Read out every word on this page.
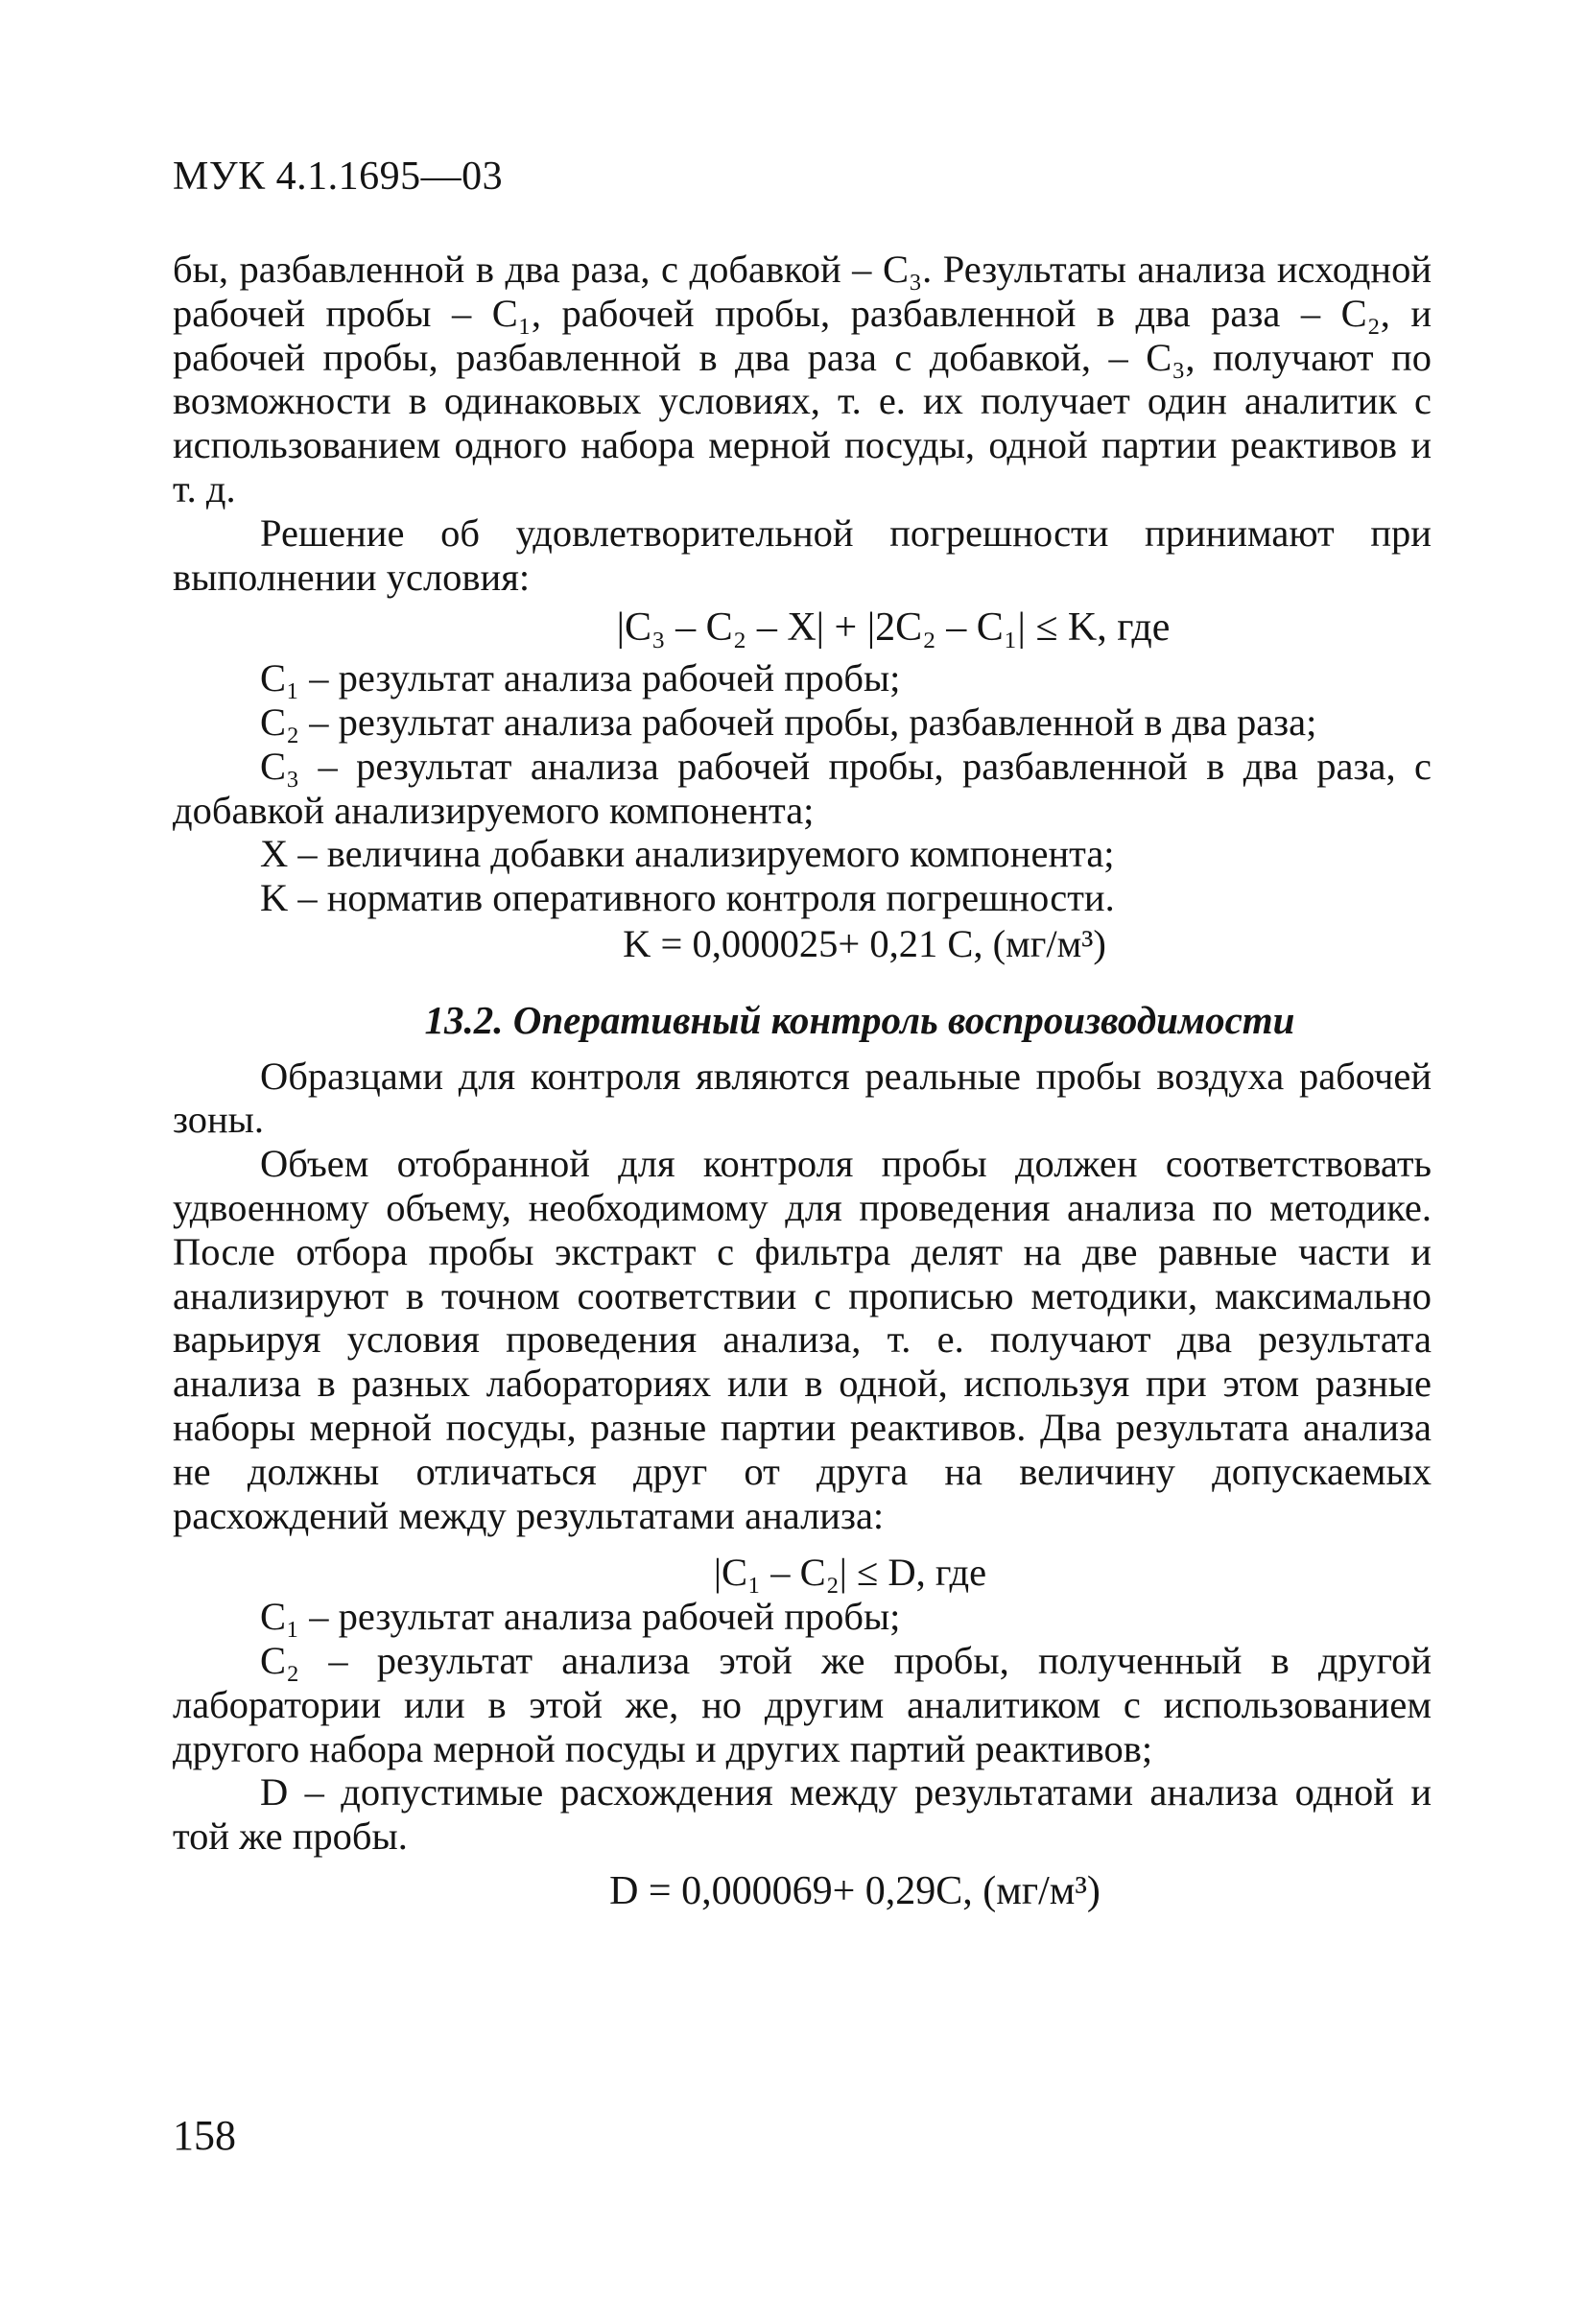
МУК 4.1.1695—03

бы, разбавленной в два раза, с добавкой – C₃. Результаты анализа исходной рабочей пробы – C₁, рабочей пробы, разбавленной в два раза – C₂, и рабочей пробы, разбавленной в два раза с добавкой, – C₃, получают по возможности в одинаковых условиях, т. е. их получает один аналитик с использованием одного набора мерной посуды, одной партии реактивов и т. д.

Решение об удовлетворительной погрешности принимают при выполнении условия:

|C₃ – C₂ – X| + |2C₂ – C₁| ≤ K, где

C₁ – результат анализа рабочей пробы;

C₂ – результат анализа рабочей пробы, разбавленной в два раза;

C₃ – результат анализа рабочей пробы, разбавленной в два раза, с добавкой анализируемого компонента;

X – величина добавки анализируемого компонента;

K – норматив оперативного контроля погрешности.

K = 0,000025+ 0,21 C, (мг/м³)

13.2. Оперативный контроль воспроизводимости

Образцами для контроля являются реальные пробы воздуха рабочей зоны.

Объем отобранной для контроля пробы должен соответствовать удвоенному объему, необходимому для проведения анализа по методике. После отбора пробы экстракт с фильтра делят на две равные части и анализируют в точном соответствии с прописью методики, максимально варьируя условия проведения анализа, т. е. получают два результата анализа в разных лабораториях или в одной, используя при этом разные наборы мерной посуды, разные партии реактивов. Два результата анализа не должны отличаться друг от друга на величину допускаемых расхождений между результатами анализа:

|C₁ – C₂| ≤ D, где

C₁ – результат анализа рабочей пробы;

C₂ – результат анализа этой же пробы, полученный в другой лаборатории или в этой же, но другим аналитиком с использованием другого набора мерной посуды и других партий реактивов;

D – допустимые расхождения между результатами анализа одной и той же пробы.

D = 0,000069+ 0,29C, (мг/м³)

158
